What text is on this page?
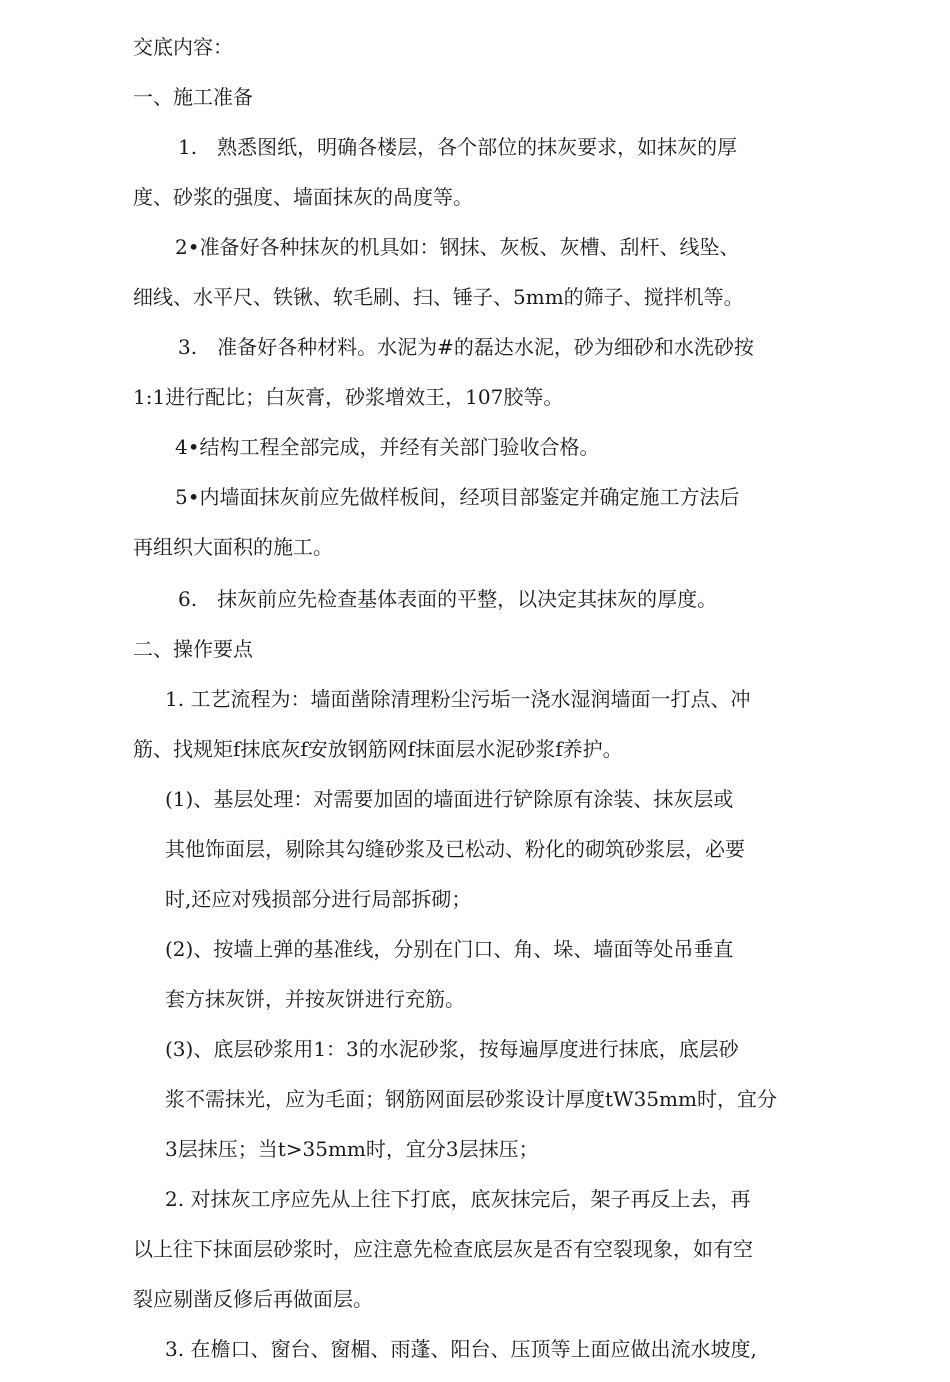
交底内容：
一、施工准备
1.　熟悉图纸，明确各楼层，各个部位的抹灰要求，如抹灰的厚
度、砂浆的强度、墙面抹灰的咼度等。
2•准备好各种抹灰的机具如：钢抹、灰板、灰槽、刮杆、线坠、
细线、水平尺、铁锹、软毛刷、扫、锤子、5mm的筛子、搅拌机等。
3.　准备好各种材料。水泥为#的磊达水泥，砂为细砂和水洗砂按
1:1进行配比；白灰膏，砂浆增效王，107胶等。
4•结构工程全部完成，并经有关部门验收合格。
5•内墙面抹灰前应先做样板间，经项目部鉴定并确定施工方法后
再组织大面积的施工。
6.　抹灰前应先检查基体表面的平整，以决定其抹灰的厚度。
二、操作要点
1. 工艺流程为：墙面凿除清理粉尘污垢一浇水湿润墙面一打点、冲
筋、找规矩f抹底灰f安放钢筋网f抹面层水泥砂浆f养护。
(1)、基层处理：对需要加固的墙面进行铲除原有涂装、抹灰层或
其他饰面层，剔除其勾缝砂浆及已松动、粉化的砌筑砂浆层，必要
时,还应对残损部分进行局部拆砌；
(2)、按墙上弹的基准线，分别在门口、角、垛、墙面等处吊垂直
套方抹灰饼，并按灰饼进行充筋。
(3)、底层砂浆用1：3的水泥砂浆，按每遍厚度进行抹底，底层砂
浆不需抹光，应为毛面；钢筋网面层砂浆设计厚度tW35mm时，宜分
3层抹压；当t>35mm时，宜分3层抹压；
2. 对抹灰工序应先从上往下打底，底灰抹完后，架子再反上去，再
以上往下抹面层砂浆时，应注意先检查底层灰是否有空裂现象，如有空
裂应剔凿反修后再做面层。
3. 在檐口、窗台、窗楣、雨蓬、阳台、压顶等上面应做出流水坡度,
